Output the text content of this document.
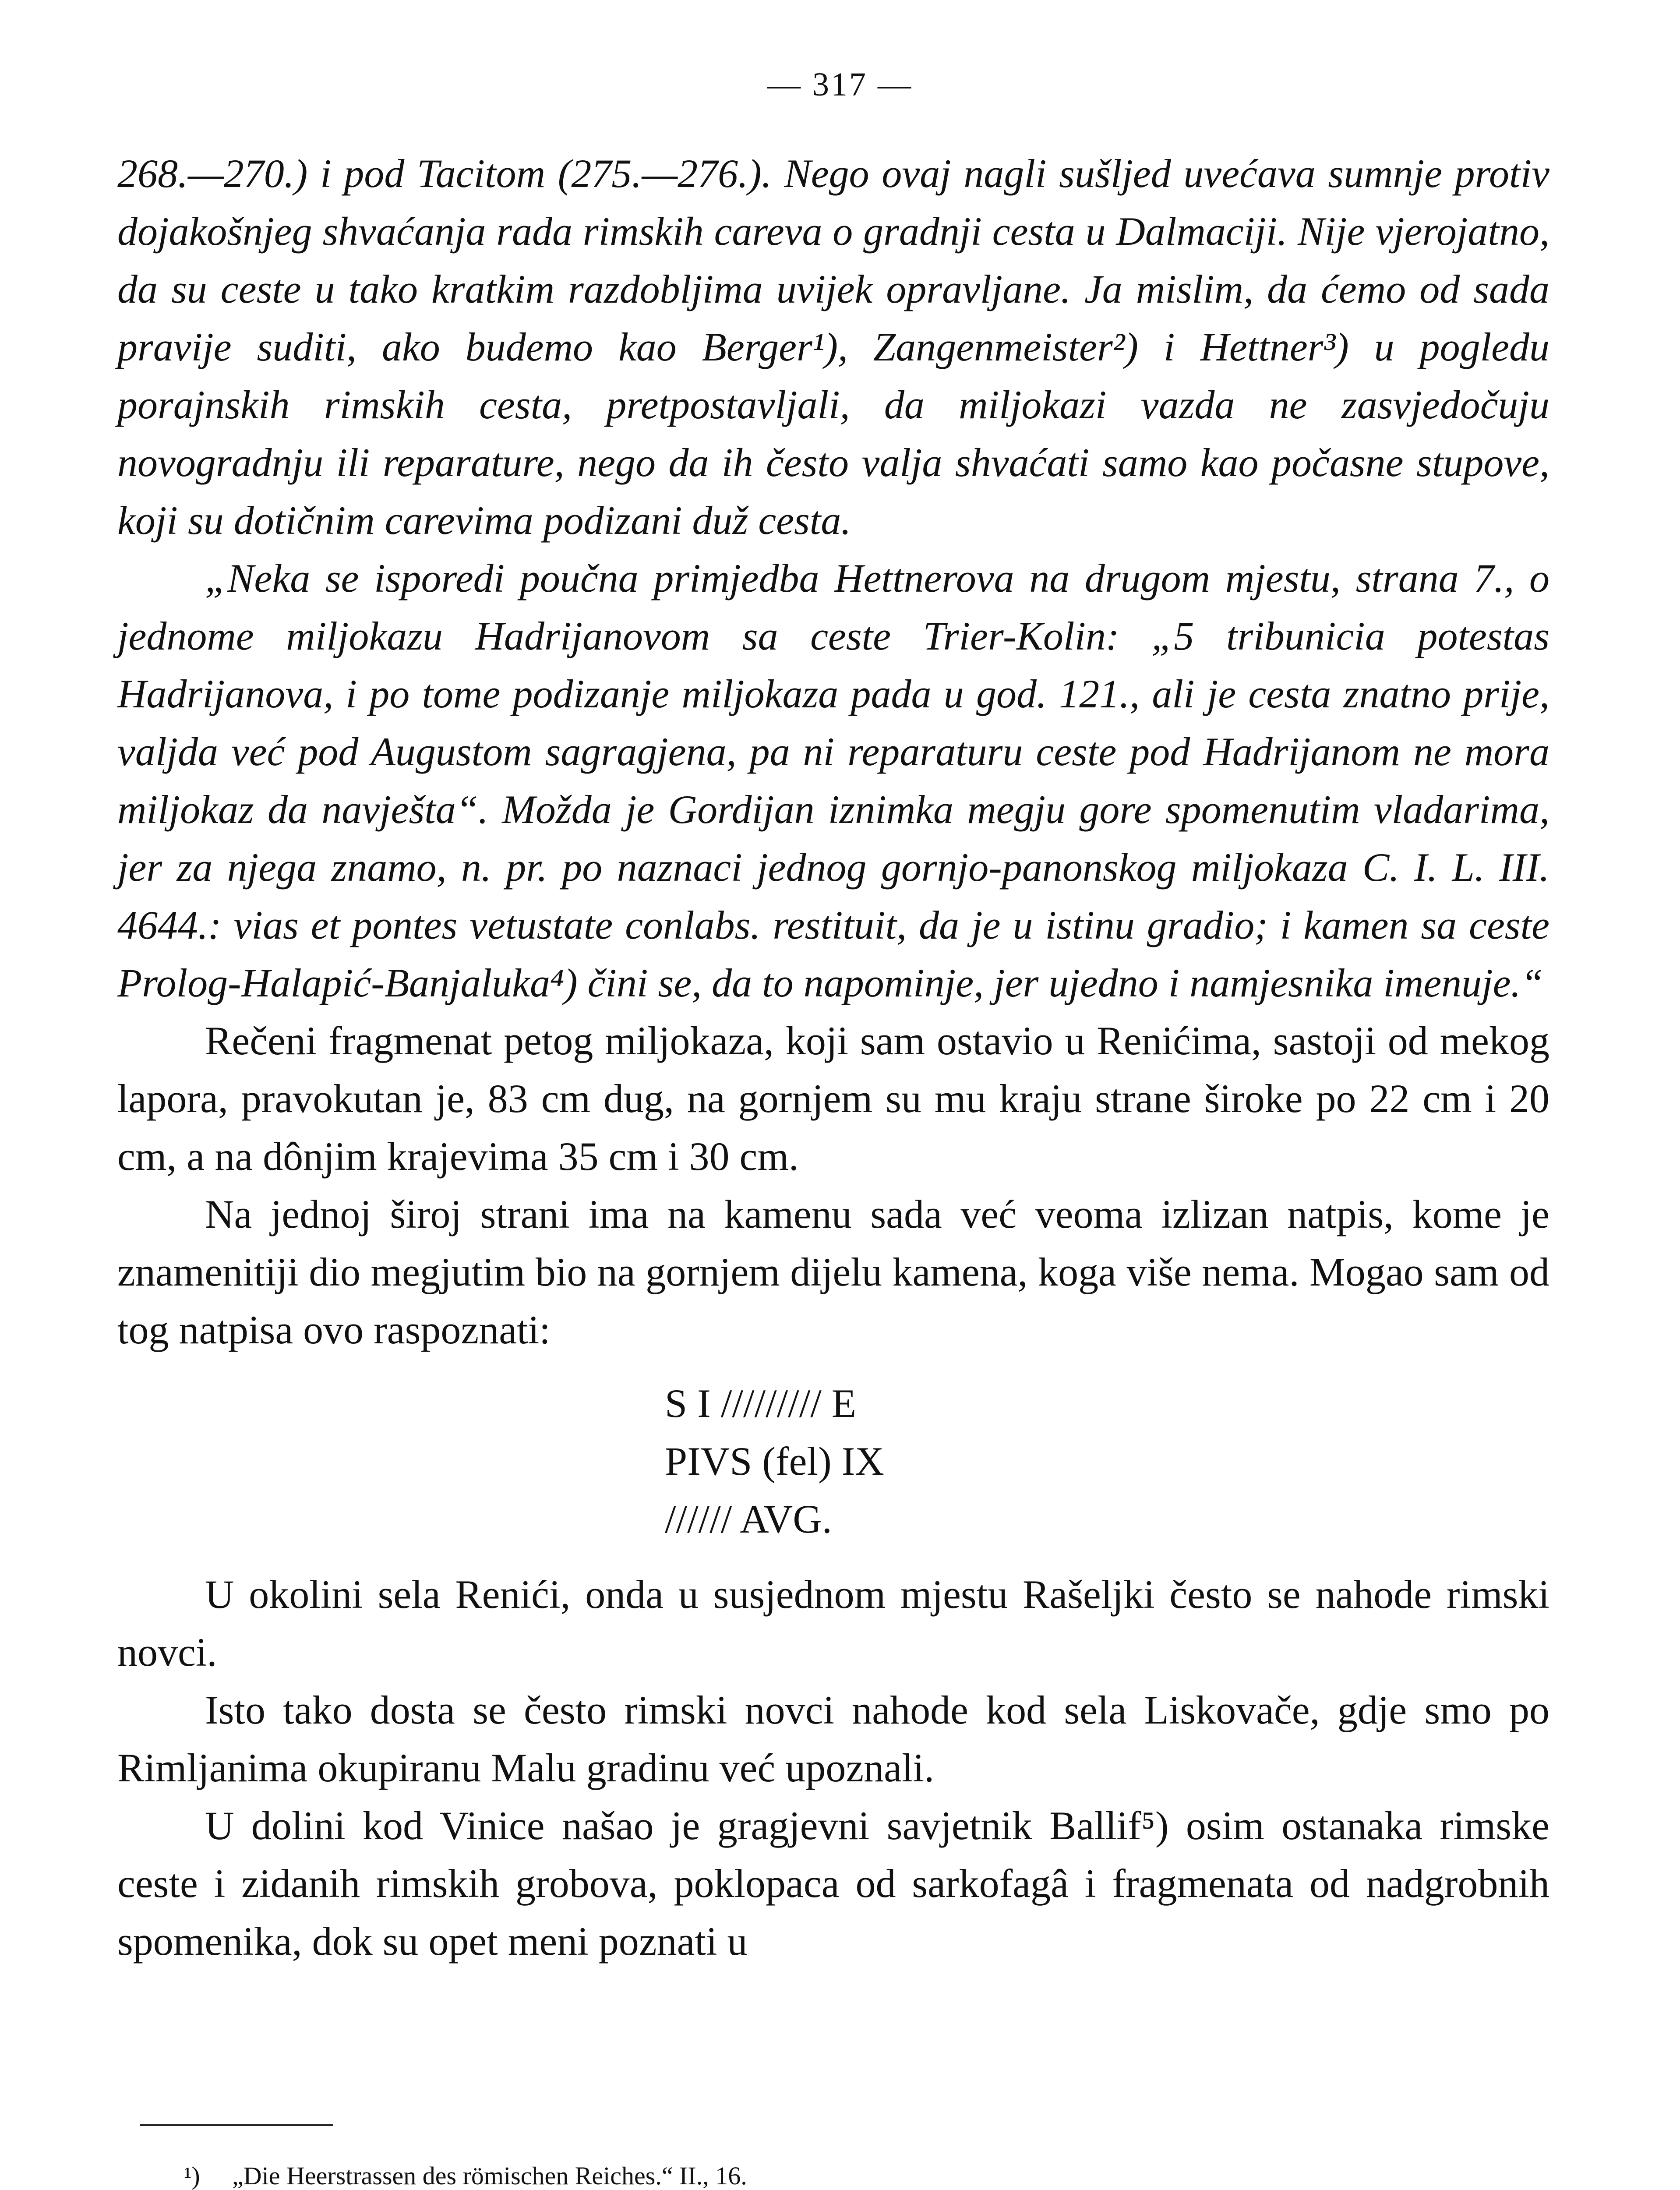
— 317 —

268.—270.) i pod Tacitom (275.—276.). Nego ovaj nagli sušljed uvećava sumnje protiv dojakošnjeg shvaćanja rada rimskih careva o gradnji cesta u Dalmaciji. Nije vjerojatno, da su ceste u tako kratkim razdobljima uvijek opravljane. Ja mislim, da ćemo od sada pravije suditi, ako budemo kao Berger¹), Zangenmeister²) i Hettner³) u pogledu porajnskih rimskih cesta, pretpostavljali, da miljokazi vazda ne zasvjedočuju novogradnju ili reparature, nego da ih često valja shvaćati samo kao počasne stupove, koji su dotičnim carevima podizani duž cesta.

„Neka se isporedi poučna primjedba Hettnerova na drugom mjestu, strana 7., o jednome miljokazu Hadrijanovom sa ceste Trier-Kolin: „5 tribunicia potestas Hadrijanova, i po tome podizanje miljokaza pada u god. 121., ali je cesta znatno prije, valjda već pod Augustom sagragjena, pa ni reparaturu ceste pod Hadrijanom ne mora miljokaz da navješta“. Možda je Gordijan iznimka megju gore spomenutim vladarima, jer za njega znamo, n. pr. po naznaci jednog gornjo-panonskog miljokaza C. I. L. III. 4644.: vias et pontes vetustate conlabs. restituit, da je u istinu gradio; i kamen sa ceste Prolog-Halapić-Banjaluka⁴) čini se, da to napominje, jer ujedno i namjesnika imenuje.“

Rečeni fragmenat petog miljokaza, koji sam ostavio u Renićima, sastoji od mekog lapora, pravokutan je, 83 cm dug, na gornjem su mu kraju strane široke po 22 cm i 20 cm, a na dônjim krajevima 35 cm i 30 cm.

Na jednoj široj strani ima na kamenu sada već veoma izlizan natpis, kome je znamenitiji dio megjutim bio na gornjem dijelu kamena, koga više nema. Mogao sam od tog natpisa ovo raspoznati:

S I ///////// E
PIVS (fel) IX
////// AVG.

U okolini sela Renići, onda u susjednom mjestu Rašeljki često se nahode rimski novci.

Isto tako dosta se često rimski novci nahode kod sela Liskovače, gdje smo po Rimljanima okupiranu Malu gradinu već upoznali.

U dolini kod Vinice našao je gragjevni savjetnik Ballif⁵) osim ostanaka rimske ceste i zidanih rimskih grobova, poklopaca od sarkofagâ i fragmenata od nadgrobnih spomenika, dok su opet meni poznati u

¹)	„Die Heerstrassen des römischen Reiches.“ II., 16.
